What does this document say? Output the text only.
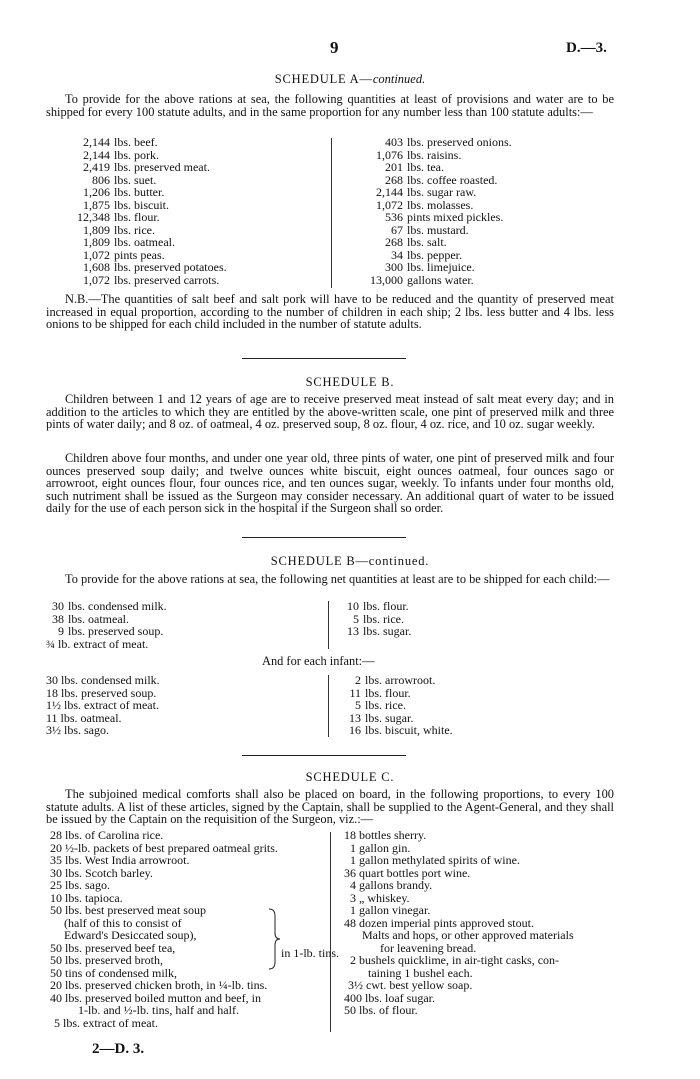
9	D.—3.
SCHEDULE A—continued.
To provide for the above rations at sea, the following quantities at least of provisions and water are to be shipped for every 100 statute adults, and in the same proportion for any number less than 100 statute adults:—
2,144 lbs. beef.
2,144 lbs. pork.
2,419 lbs. preserved meat.
806 lbs. suet.
1,206 lbs. butter.
1,875 lbs. biscuit.
12,348 lbs. flour.
1,809 lbs. rice.
1,809 lbs. oatmeal.
1,072 pints peas.
1,608 lbs. preserved potatoes.
1,072 lbs. preserved carrots.
403 lbs. preserved onions.
1,076 lbs. raisins.
201 lbs. tea.
268 lbs. coffee roasted.
2,144 lbs. sugar raw.
1,072 lbs. molasses.
536 pints mixed pickles.
67 lbs. mustard.
268 lbs. salt.
34 lbs. pepper.
300 lbs. limejuice.
13,000 gallons water.
N.B.—The quantities of salt beef and salt pork will have to be reduced and the quantity of preserved meat increased in equal proportion, according to the number of children in each ship; 2 lbs. less butter and 4 lbs. less onions to be shipped for each child included in the number of statute adults.
SCHEDULE B.
Children between 1 and 12 years of age are to receive preserved meat instead of salt meat every day; and in addition to the articles to which they are entitled by the above-written scale, one pint of preserved milk and three pints of water daily; and 8 oz. of oatmeal, 4 oz. preserved soup, 8 oz. flour, 4 oz. rice, and 10 oz. sugar weekly.
Children above four months, and under one year old, three pints of water, one pint of preserved milk and four ounces preserved soup daily; and twelve ounces white biscuit, eight ounces oatmeal, four ounces sago or arrowroot, eight ounces flour, four ounces rice, and ten ounces sugar, weekly. To infants under four months old, such nutriment shall be issued as the Surgeon may consider necessary. An additional quart of water to be issued daily for the use of each person sick in the hospital if the Surgeon shall so order.
SCHEDULE B—continued.
To provide for the above rations at sea, the following net quantities at least are to be shipped for each child:—
30 lbs. condensed milk.
38 lbs. oatmeal.
9 lbs. preserved soup.
¾ lb. extract of meat.
10 lbs. flour.
5 lbs. rice.
13 lbs. sugar.
And for each infant:—
30 lbs. condensed milk.
18 lbs. preserved soup.
1½ lbs. extract of meat.
11 lbs. oatmeal.
3½ lbs. sago.
2 lbs. arrowroot.
11 lbs. flour.
5 lbs. rice.
13 lbs. sugar.
16 lbs. biscuit, white.
SCHEDULE C.
The subjoined medical comforts shall also be placed on board, in the following proportions, to every 100 statute adults. A list of these articles, signed by the Captain, shall be supplied to the Agent-General, and they shall be issued by the Captain on the requisition of the Surgeon, viz.:—
28 lbs. of Carolina rice.
20 ½-lb. packets of best prepared oatmeal grits.
35 lbs. West India arrowroot.
30 lbs. Scotch barley.
25 lbs. sago.
10 lbs. tapioca.
50 lbs. best preserved meat soup
(half of this to consist of
Edward's Desiccated soup),
50 lbs. preserved beef tea,
50 lbs. preserved broth,
50 tins of condensed milk,
20 lbs. preserved chicken broth, in ¼-lb. tins.
40 lbs. preserved boiled mutton and beef, in
1-lb. and ½-lb. tins, half and half.
5 lbs. extract of meat.
in 1-lb. tins.
18 bottles sherry.
1 gallon gin.
1 gallon methylated spirits of wine.
36 quart bottles port wine.
4 gallons brandy.
3 „ whiskey.
1 gallon vinegar.
48 dozen imperial pints approved stout.
Malts and hops, or other approved materials
for leavening bread.
2 bushels quicklime, in air-tight casks, con-
taining 1 bushel each.
3½ cwt. best yellow soap.
400 lbs. loaf sugar.
50 lbs. of flour.
2—D. 3.
